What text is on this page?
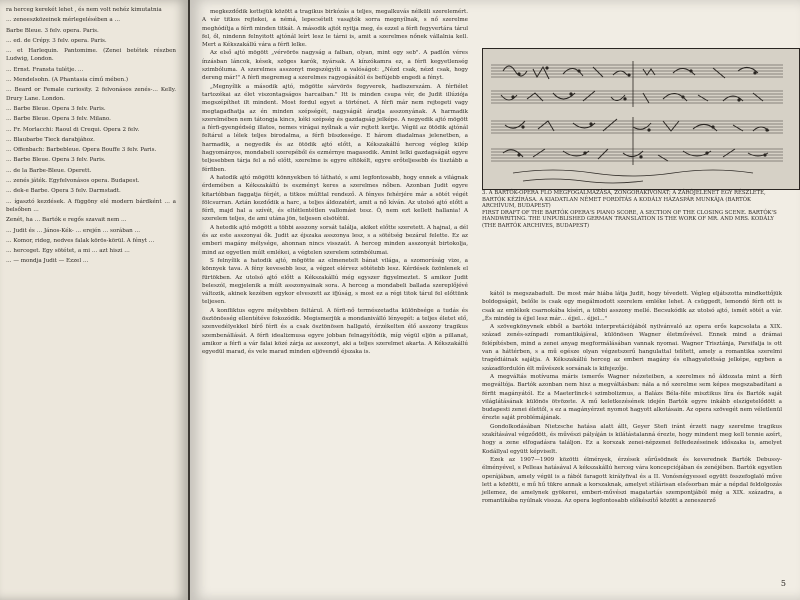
ra herceg kerekét lehet , és nem volt nehéz kimutatnia

… zeneeszközeinek mérlegelésében a …

Barbe Bleue. 3 felv. opera. Paris.

… ed. de Crépy. 3 felv. opera. Paris.

… et Harlequin. Pantomime. (Zenei betétek részben Ludwig, London.

… Ernst. Fransta tulétje. …

… Mendelsohn. (A Phantasia című mében.)

… Beard or Female curiosity. 2 felvonásos zenés-… Kelly. Drury Lane. London.

… Barbe Bleue. Opera 3 felv. Paris.

… Barbe Bleue. Opera 3 felv. Milano.

… Fr. Morlacchi: Raoul di Crequi. Opera 2 felv.

… Blaubarbe Tieck darabjához.

… Offenbach: Barbebleue. Opera Bouffe 3 felv. Paris.

… Barbe Bleue. Opera 3 felv. Paris.

… de la Barbe-Bleue. Operett.

… zenés játék. Egyfelvonásos opera. Budapest.

… dek-e Barbe. Opera 3 felv. Darmstadt.

… ígasztó kezdések. A függöny elé modern bárdként … a belsőben …

Zenét, ha … Bartók e regős szavait nem …

… Judit és … János-Kék- … erején … sorában …

… Komor, rideg, nedves falak körös-körül. A fényt …

… herceget. Egy sötétet, a mi … azt hiszi …

… — mondja Judit — Ezzel …

megkezdődik kettejük között a tragikus birkózás a teljes, megalkuvás nélküli szerelemért. A vár titkos rejtekei, a némá, lepecsételt vasajtók sorra megnyílnak, s nő szerelme meghódítja a férfi minden titkát. A második ajtót nyitja meg, és ezzel a férfi fegyvertára tárul fel, ől, nindenn felnyitott ajtónál leírt lesz le tárni is, amit a szerelmes nőnek vállalnia kell. Mert a Kékszakállú vára a férfi lelke.

Az első ajtó mögött „vérvörös nagyság a falban, olyan, mint egy seb". A padlón véres ínzásban láncok, kések, szöges karók, nyársak. A kínzókamra ez, a férfi kegyetlenség szimbóluma. A szerelmes asszonyt megszégyíti a valóságot: „Nézd csak, nézd csak, hogy dereng már!" A férfi megremeg a szerelmes ragyogásától és befújebb engedi a fényt.

„Megnyílik a második ajtó, mögötte sárvörös fegyverek, hadiszerszám. A férfiélet tartozékai az élet viszontagságos harcaiban." Itt is minden csupa vér, de Judit illúziója megszépíthet ilt mindent. Most fordul egyet a történet. A férfi már nem rejtegeti vagy megtagadhatja az én minden szépségét, nagyságát áradja asszonyának. A harmadik szerelmében nem tátongja kincs, kéki szépség és gazdagság jelképe. A negyedik ajtó mögött a férfi-gyengédség illatos, nemes virágai nyílnak a vár rejtett kertje. Végül az ötödik ajtónál feltárul a lélek teljes birodalma, a férfi büszkesége. E három diadalmas jelenetben, a harmadik, a negyedik és az ötödik ajtó előtt, a Kékszakállú herceg végleg kilép hagyományos, mondabeli szerepéből és ezmérnye magasodik. Amint lelki gazdagságát egyre teljesebben tárja fel a nő előtt, szerelme is egyre eltökélt, egyre erőteljesebb és tisztább a férfiben.

A hatodik ajtó mögötti könnyekben tó látható, s ami legfontosabb, hogy ennek a világnak érdemében a Kékszakállú is eszményt keres a szerelmes nőben. Azonban Judit egyre kitartóbban faggatja férjét, a titkos múlttal rendező. A fényes fehérjére már a sötét végét fölcsurran. Aztán kezdődik a harc, a teljes áldozatért, amit a nő kíván. Az utolsó ajtó előtt a férfi, majd hal a szívét, és eltétlentétlen vallomást tesz. Ó, nem ezt kellett hallania! A szerelem teljes, de ami utána jön, teljesen elsötétül.

A hetedik ajtó mögött a többi asszony sorsát találja, akiket előtte szeretett. A hajnal, a dél és az este asszonyai ők. Judit az éjszaka asszonya lesz, s a sötétség bezárul felette. Ez az emberi magány mélysége, ahonnan nincs visszaút. A herceg minden asszonyát birtokolja, mind az egyetlen múlt emlékei, a végtelen szerelem szimbólumai.

S felnyílik a hatodik ajtó, mögötte az elmenetelt bánat világa, a szomorúság vize, a könnyek tava. A fény kevesebb lesz, a végzet elérvez sötétebb lesz. Kérdések özönlenek el fürtökben. Az utolsó ajtó előtt a Kékszakállú még egyszer figyelmeztet. S amikor Judit beleszól, megjelenik a múlt asszonyainak sora. A herceg a mondabeli ballada szereplőjévé változik, akinek kezében egykor elveszett az ifjúság, s most ez a régi titok tárul fel előttünk teljesen.

A konfliktus egyre mélyebben feltárul. A férfi-nő természetadta különbsége a tudás és ösztönösség ellentétéve fokozódik. Megismerjük a mondaniválló lényegét: a teljes életet elő, szenvedélyekkel bírő férfi és a csak ösztönösen hallgató, érzékelten élő asszony tragikus szembenállását. A férfi idealizmusa egyre jobban felnagyítódik, míg végül eljön a pillanat, amikor a férfi a vár falai közé zárja az asszonyt, aki a teljes szerelmet akarta. A Kékszakállú egyedül marad, és vele marad minden eljövendő éjszaka is.

3. A BARTÓK-OPERA FLŐ MEGFOGALMAZÁSA, ZONGORAKIVONAT; A ZÁRÓJELENET EGY RÉSZLETE, BARTÓK KÉZÍRÁSA. A KIADATLAN NÉMET FORDÍTÁS A KODÁLY HÁZASPÁR MUNKÁJA (BARTÓK ARCHÍVUM, BUDAPEST)

FIRST DRAFT OF THE BARTÓK OPERA'S PIANO SCORE, A SECTION OF THE CLOSING SCENE. BARTÓK'S HANDWRITING. THE UNPUBLISHED GERMAN TRANSLATION IS THE WORK OF MR. AND MRS. KODÁLY (THE BARTÓK ARCHIVES, BUDAPEST)

kától is megszabadult. De most már hiába látja Judit, hogy tévedett. Végleg eljátszotta mindkettőjük boldogságát, belőle is csak egy megálmodott szerelem emléke lehet. A csüggedt, lemondó férfi ott is csak az emlékek csarnokába kíséri, a többi asszony mellé. Becsukódik az utolsó ajtó, ismét sötét a vár. „És mindég is éjjel lesz már… éjjel… éjjel…"

A szövegkönyvnek ebből a bartóki interpretációjából nyilvánvaló az opera erős kapcsolata a XIX. század zenés-színpadi romantikájával, különösen Wagner életművével. Ennek mind a drámai felépítésben, mind a zenei anyag megformálásában vannak nyomai. Wagner Trisztánja, Parsifalja is ott van a háttérben, s a mű egésze olyan végzetszerű hangulattal telített, amely a romantika szerelmi tragédiáinak sajátja. A Kékszakállú herceg az emberi magány és elhagyatottság jelképe, egyben a századfordulón élt művészek sorsának is kifejezője.

A megváltás motívuma máris ismerős Wagner nézeteiben, a szerelmes nő áldozata mint a férfi megváltója. Bartók azonban nem hisz a megváltásban: nála a nő szerelme sem képes megszabadítani a férfit magányától. Ez a Maeterlinck-i szimbolizmus, a Balázs Béla-féle misztikus líra és Bartók saját világlátásának különös ötvözete. A mű keletkezésének idején Bartók egyre inkább elszigetelődött a budapesti zenei élettől, s ez a magányérzet nyomot hagyott alkotásain. Az opera szövegét nem véletlenül érezte saját problémájának.

Gondolkodásában Nietzsche hatása alatt állt, Geyer Stefi iránt érzett nagy szerelme tragikus szakításával végződött, és művészi pályáján is kilátástalanná érezte, hogy mindent meg kell tennie azért, hogy a zene elfogadásra találjon. Ez a korszak zenei-népzenei felfedezéseinek időszaka is, amelyet Kodállyal együtt képviselt.

Ezek az 1907—1909 közötti élmények, érzések sűrűsödnek és keverednek Bartók Debussy-élményével, s Pelleas hatásával A kékszakállú herceg vára koncepciójában és zenéjében. Bartók egyetlen operájában, amely végül is a fából faragott királyfival és a II. Vonósnégyessel együtt összefoglaló műve lett a közötti, e mű hű tükre annak a korszaknak, amelyet stílárisan elsősorban már a népdal feldolgozás jellemez, de amelynek gyökerei, emberi-művészi magatartás szempontjából még a XIX. századra, a romantikába nyúlnak vissza. Az opera legfontosabb előkészítő között a zeneszerző

5
